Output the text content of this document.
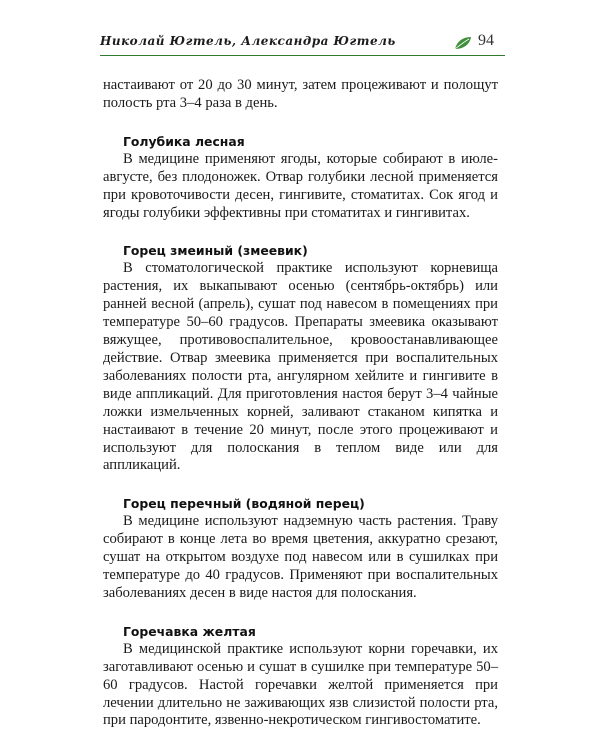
Николай Югтель, Александра Югтель	94

настаивают от 20 до 30 минут, затем процеживают и полощут полость рта 3–4 раза в день.

Голубика лесная

В медицине применяют ягоды, которые собирают в июле-августе, без плодоножек. Отвар голубики лесной применяется при кровоточивости десен, гингивите, стоматитах. Сок ягод и ягоды голубики эффективны при стоматитах и гингивитах.

Горец змеиный (змеевик)

В стоматологической практике используют корневища растения, их выкапывают осенью (сентябрь-октябрь) или ранней весной (апрель), сушат под навесом в помещениях при температуре 50–60 градусов. Препараты змеевика оказывают вяжущее, противовоспалительное, кровоостанавливающее действие. Отвар змеевика применяется при воспалительных заболеваниях полости рта, ангулярном хейлите и гингивите в виде аппликаций. Для приготовления настоя берут 3–4 чайные ложки измельченных корней, заливают стаканом кипятка и настаивают в течение 20 минут, после этого процеживают и используют для полоскания в теплом виде или для аппликаций.

Горец перечный (водяной перец)

В медицине используют надземную часть растения. Траву собирают в конце лета во время цветения, аккуратно срезают, сушат на открытом воздухе под навесом или в сушилках при температуре до 40 градусов. Применяют при воспалительных заболеваниях десен в виде настоя для полоскания.

Горечавка желтая

В медицинской практике используют корни горечавки, их заготавливают осенью и сушат в сушилке при температуре 50–60 градусов. Настой горечавки желтой применяется при лечении длительно не заживающих язв слизистой полости рта, при пародонтите, язвенно-некротическом гингивостоматите.
